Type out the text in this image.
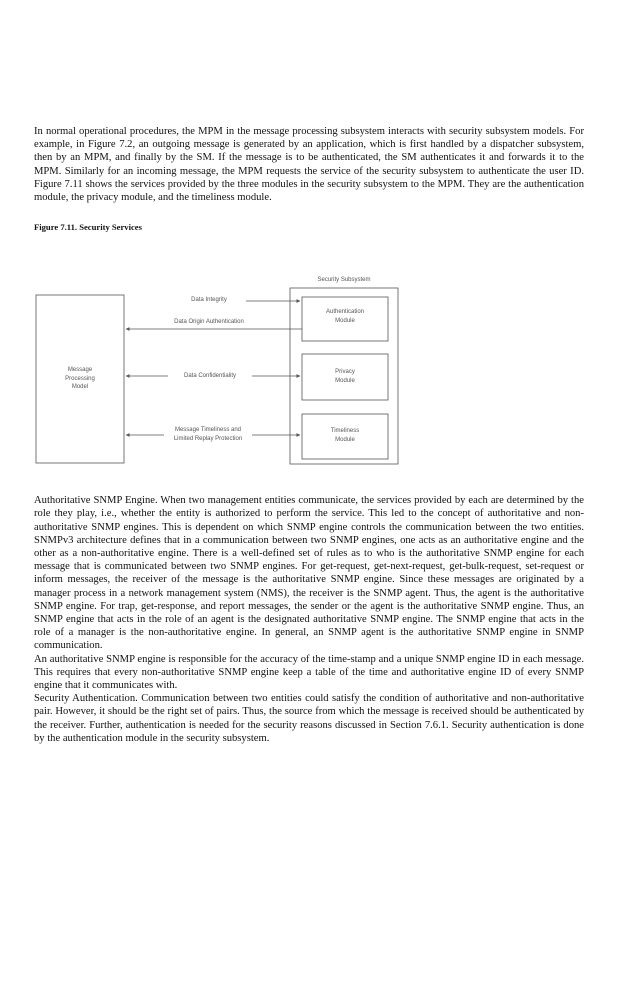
In normal operational procedures, the MPM in the message processing subsystem interacts with security subsystem models. For example, in Figure 7.2, an outgoing message is generated by an application, which is first handled by a dispatcher subsystem, then by an MPM, and finally by the SM. If the message is to be authenticated, the SM authenticates it and forwards it to the MPM. Similarly for an incoming message, the MPM requests the service of the security subsystem to authenticate the user ID. Figure 7.11 shows the services provided by the three modules in the security subsystem to the MPM. They are the authentication module, the privacy module, and the timeliness module.

Figure 7.11. Security Services
Message
Processing
Model
Security Subsystem
Authentication
Module
Privacy
Module
Timeliness
Module
Data Integrity
Data Origin Authentication
Data Confidentiality
Message Timeliness and
Limited Replay Protection

Authoritative SNMP Engine. When two management entities communicate, the services provided by each are determined by the role they play, i.e., whether the entity is authorized to perform the service. This led to the concept of authoritative and non-authoritative SNMP engines. This is dependent on which SNMP engine controls the communication between the two entities. SNMPv3 architecture defines that in a communication between two SNMP engines, one acts as an authoritative engine and the other as a non-authoritative engine. There is a well-defined set of rules as to who is the authoritative SNMP engine for each message that is communicated between two SNMP engines. For get-request, get-next-request, get-bulk-request, set-request or inform messages, the receiver of the message is the authoritative SNMP engine. Since these messages are originated by a manager process in a network management system (NMS), the receiver is the SNMP agent. Thus, the agent is the authoritative SNMP engine. For trap, get-response, and report messages, the sender or the agent is the authoritative SNMP engine. Thus, an SNMP engine that acts in the role of an agent is the designated authoritative SNMP engine. The SNMP engine that acts in the role of a manager is the non-authoritative engine. In general, an SNMP agent is the authoritative SNMP engine in SNMP communication.

An authoritative SNMP engine is responsible for the accuracy of the time-stamp and a unique SNMP engine ID in each message. This requires that every non-authoritative SNMP engine keep a table of the time and authoritative engine ID of every SNMP engine that it communicates with.

Security Authentication. Communication between two entities could satisfy the condition of authoritative and non-authoritative pair. However, it should be the right set of pairs. Thus, the source from which the message is received should be authenticated by the receiver. Further, authentication is needed for the security reasons discussed in Section 7.6.1. Security authentication is done by the authentication module in the security subsystem.
